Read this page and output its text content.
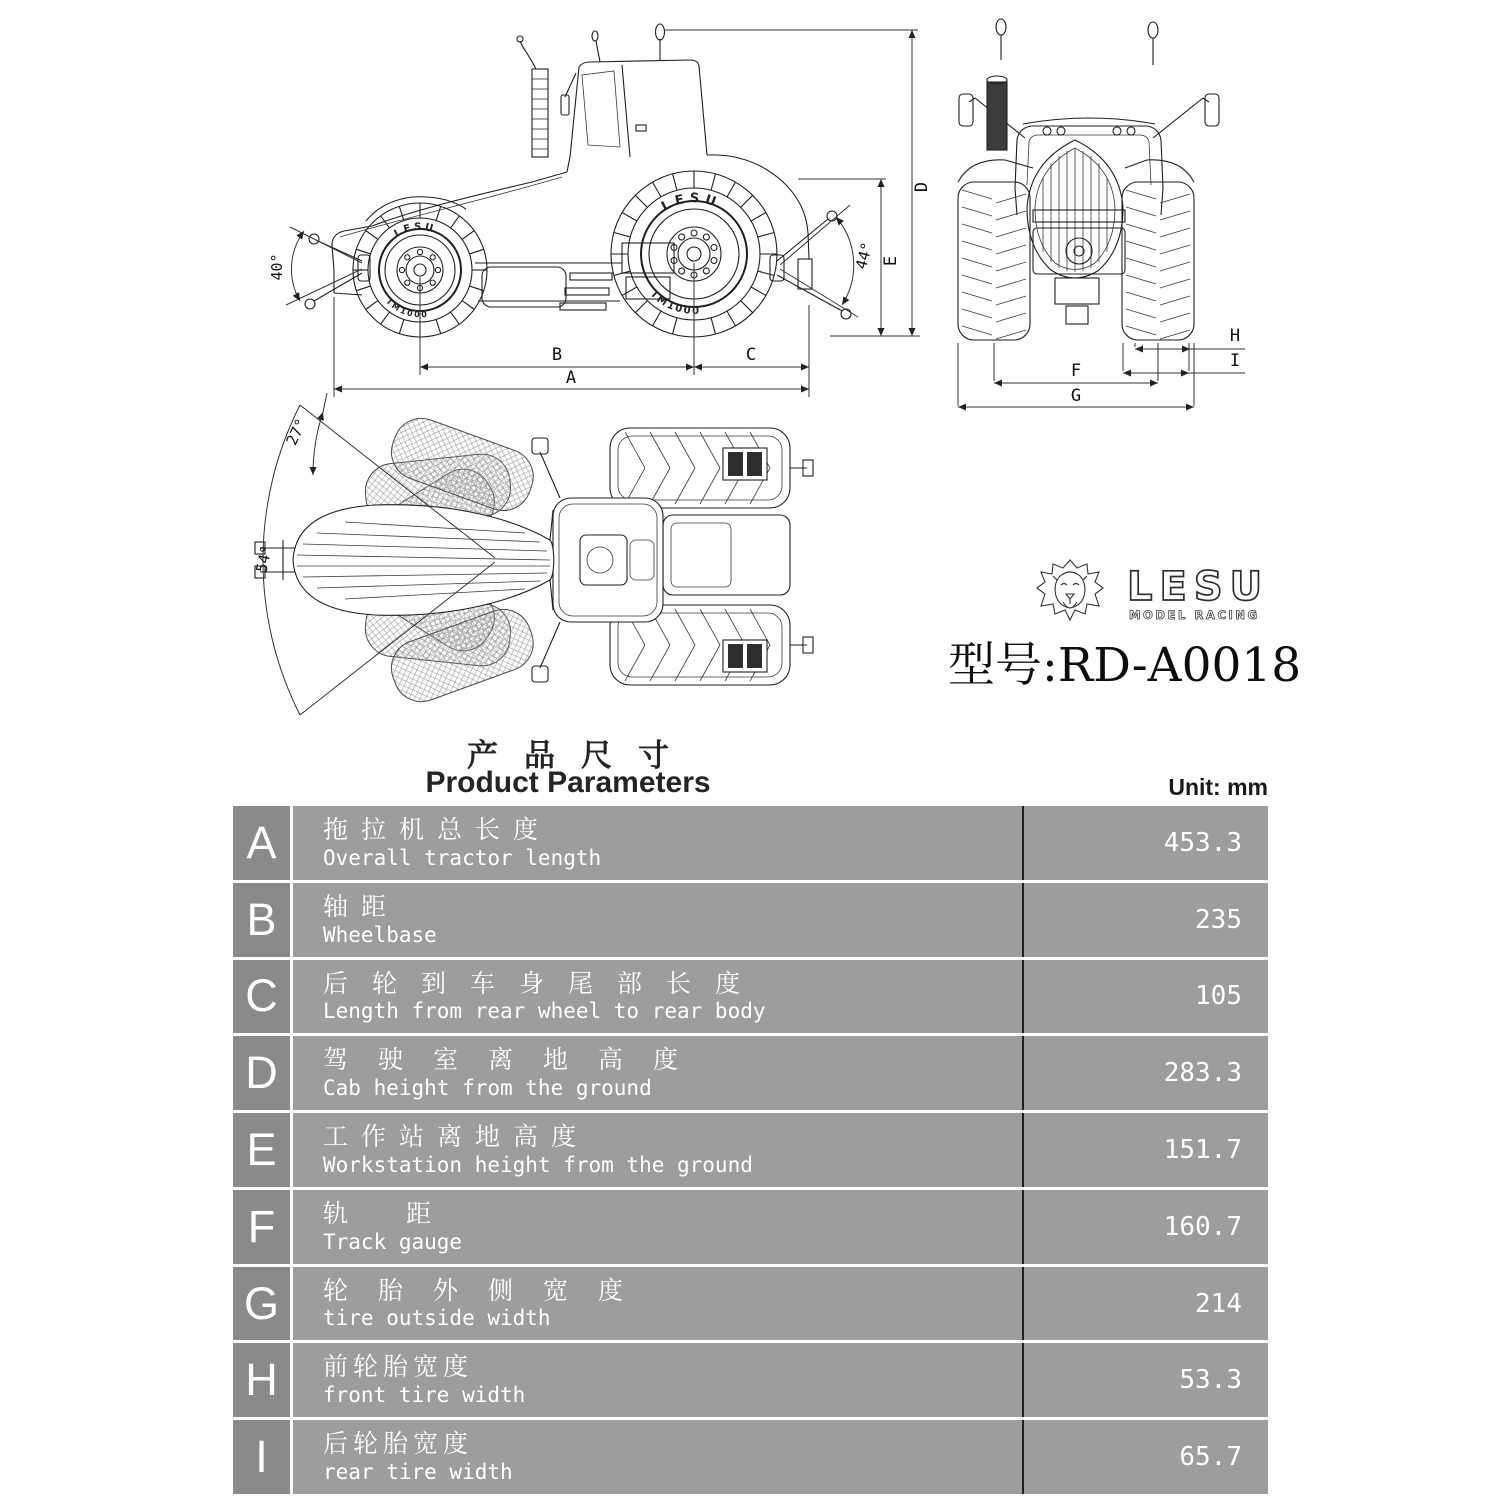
LESU
TM1000
LESU
TM1000
B	C
A
D
E
40°	44°
H
I
F
G
27°
54°
LESU
MODEL RACING
型号:RD-A0018
产品尺寸
Product Parameters	Unit: mm
A	拖拉机总长度
Overall tractor length	453.3
B	轴距
Wheelbase	235
C	后轮到车身尾部长度
Length from rear wheel to rear body	105
D	驾驶室离地高度
Cab height from the ground	283.3
E	工作站离地高度
Workstation height from the ground	151.7
F	轨距
Track gauge	160.7
G	轮胎外侧宽度
tire outside width	214
H	前轮胎宽度
front tire width	53.3
I	后轮胎宽度
rear tire width	65.7
